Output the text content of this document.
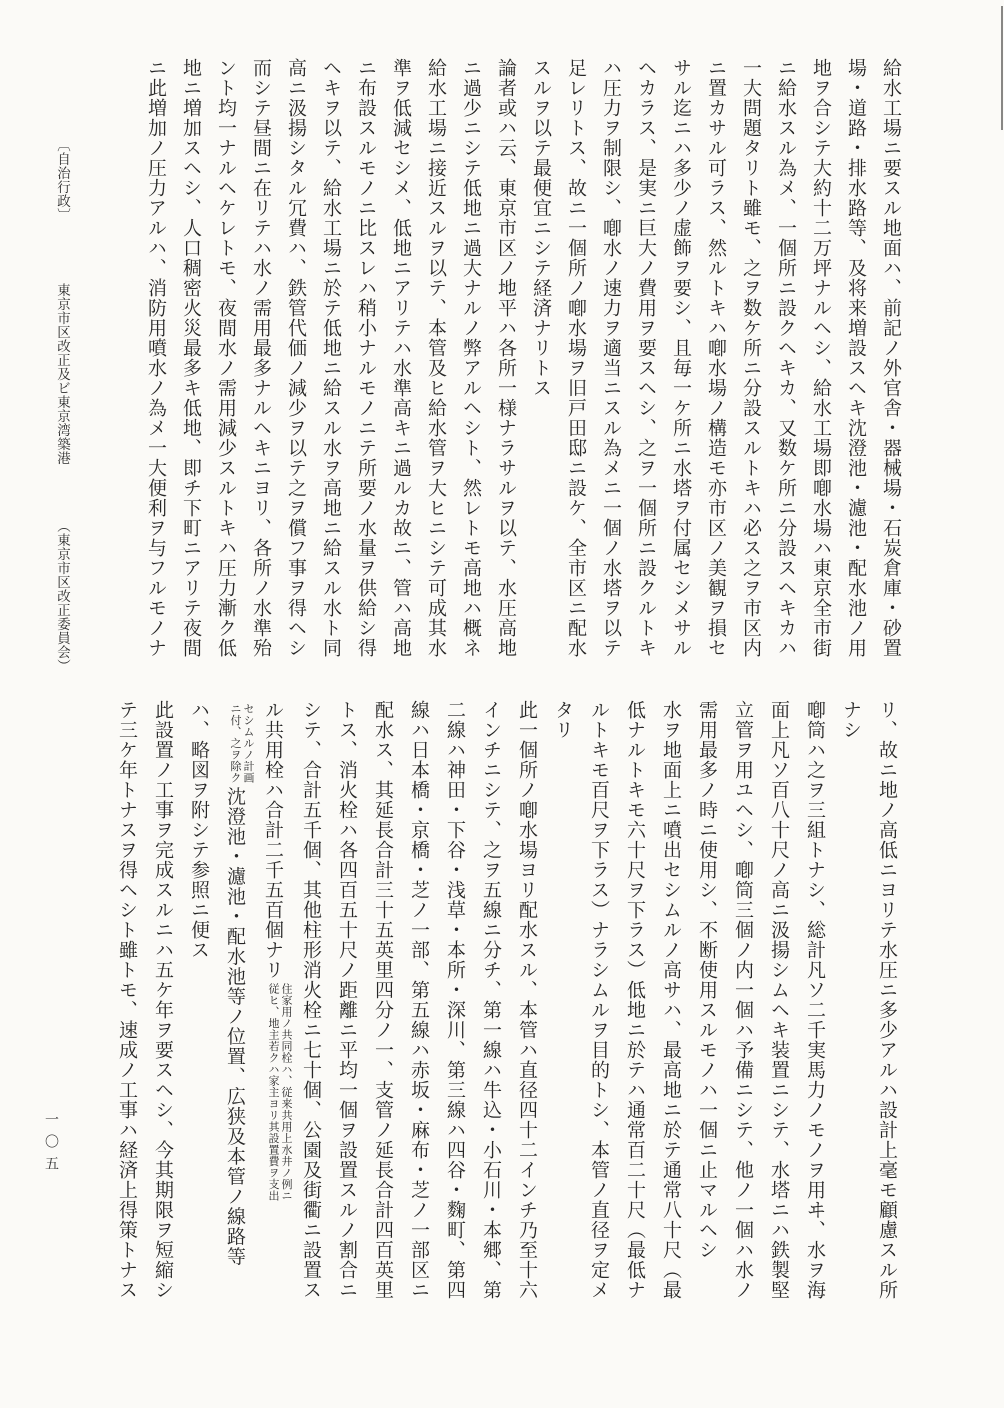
給水工場ニ要スル地面ハ、前記ノ外官舎・器械場・石炭倉庫・砂置

場・道路・排水路等、及将来増設スヘキ沈澄池・濾池・配水池ノ用

地ヲ合シテ大約十二万坪ナルヘシ、給水工場即喞水場ハ東京全市街

ニ給水スル為メ、一個所ニ設クヘキカ、又数ケ所ニ分設スヘキカハ

一大問題タリト雖モ、之ヲ数ケ所ニ分設スルトキハ必ス之ヲ市区内

ニ置カサル可ラス、然ルトキハ喞水場ノ構造モ亦市区ノ美観ヲ損セ

サル迄ニハ多少ノ虚飾ヲ要シ、且毎一ケ所ニ水塔ヲ付属セシメサル

ヘカラス、是実ニ巨大ノ費用ヲ要スヘシ、之ヲ一個所ニ設クルトキ

ハ圧力ヲ制限シ、喞水ノ速力ヲ適当ニスル為メニ一個ノ水塔ヲ以テ

足レリトス、故ニ一個所ノ喞水場ヲ旧戸田邸ニ設ケ、全市区ニ配水

スルヲ以テ最便宜ニシテ経済ナリトス

論者或ハ云、東京市区ノ地平ハ各所一様ナラサルヲ以テ、水圧高地

ニ過少ニシテ低地ニ過大ナルノ弊アルヘシト、然レトモ高地ハ概ネ

給水工場ニ接近スルヲ以テ、本管及ヒ給水管ヲ大ヒニシテ可成其水

準ヲ低減セシメ、低地ニアリテハ水準高キニ過ルカ故ニ、管ハ高地

ニ布設スルモノニ比スレハ稍小ナルモノニテ所要ノ水量ヲ供給シ得

ヘキヲ以テ、給水工場ニ於テ低地ニ給スル水ヲ高地ニ給スル水ト同

高ニ汲揚シタル冗費ハ、鉄管代価ノ減少ヲ以テ之ヲ償フ事ヲ得ヘシ

而シテ昼間ニ在リテハ水ノ需用最多ナルヘキニヨリ、各所ノ水準殆

ント均一ナルヘケレトモ、夜間水ノ需用減少スルトキハ圧力漸ク低

地ニ増加スヘシ、人口稠密火災最多キ低地、即チ下町ニアリテ夜間

ニ此増加ノ圧力アルハ、消防用噴水ノ為メ一大便利ヲ与フルモノナ

〔自治行政〕 東京市区改正及ビ東京湾築港 （東京市区改正委員会）

リ、故ニ地ノ高低ニヨリテ水圧ニ多少アルハ設計上毫モ顧慮スル所

ナシ

喞筒ハ之ヲ三組トナシ、総計凡ソ二千実馬力ノモノヲ用ヰ、水ヲ海

面上凡ソ百八十尺ノ高ニ汲揚シムヘキ装置ニシテ、水塔ニハ鉄製堅

立管ヲ用ユヘシ、喞筒三個ノ内一個ハ予備ニシテ、他ノ一個ハ水ノ

需用最多ノ時ニ使用シ、不断使用スルモノハ一個ニ止マルヘシ

水ヲ地面上ニ噴出セシムルノ高サハ、最高地ニ於テ通常八十尺（最

低ナルトキモ六十尺ヲ下ラス）低地ニ於テハ通常百二十尺（最低ナ

ルトキモ百尺ヲ下ラス）ナラシムルヲ目的トシ、本管ノ直径ヲ定メ

タリ

此一個所ノ喞水場ヨリ配水スル、本管ハ直径四十二インチ乃至十六

インチニシテ、之ヲ五線ニ分チ、第一線ハ牛込・小石川・本郷、第

二線ハ神田・下谷・浅草・本所・深川、第三線ハ四谷・麴町、第四

線ハ日本橋・京橋・芝ノ一部、第五線ハ赤坂・麻布・芝ノ一部区ニ

配水ス、其延長合計三十五英里四分ノ一、支管ノ延長合計四百英里

トス、消火栓ハ各四百五十尺ノ距離ニ平均一個ヲ設置スルノ割合ニ

シテ、合計五千個、其他柱形消火栓ニ七十個、公園及街衢ニ設置ス

ル共用栓ハ合計二千五百個ナリ
住家用ノ共同栓ハ、従来共用上水井ノ例ニ
従ヒ、地主若クハ家主ヨリ其設置費ヲ支出

セシムルノ計画
ニ付、之ヲ除ク
沈澄池・濾池・配水池等ノ位置、広狭及本管ノ線路等

ハ、略図ヲ附シテ参照ニ便ス

此設置ノ工事ヲ完成スルニハ五ケ年ヲ要スヘシ、今其期限ヲ短縮シ

テ三ケ年トナスヲ得ヘシト雖トモ、速成ノ工事ハ経済上得策トナス

一〇五
